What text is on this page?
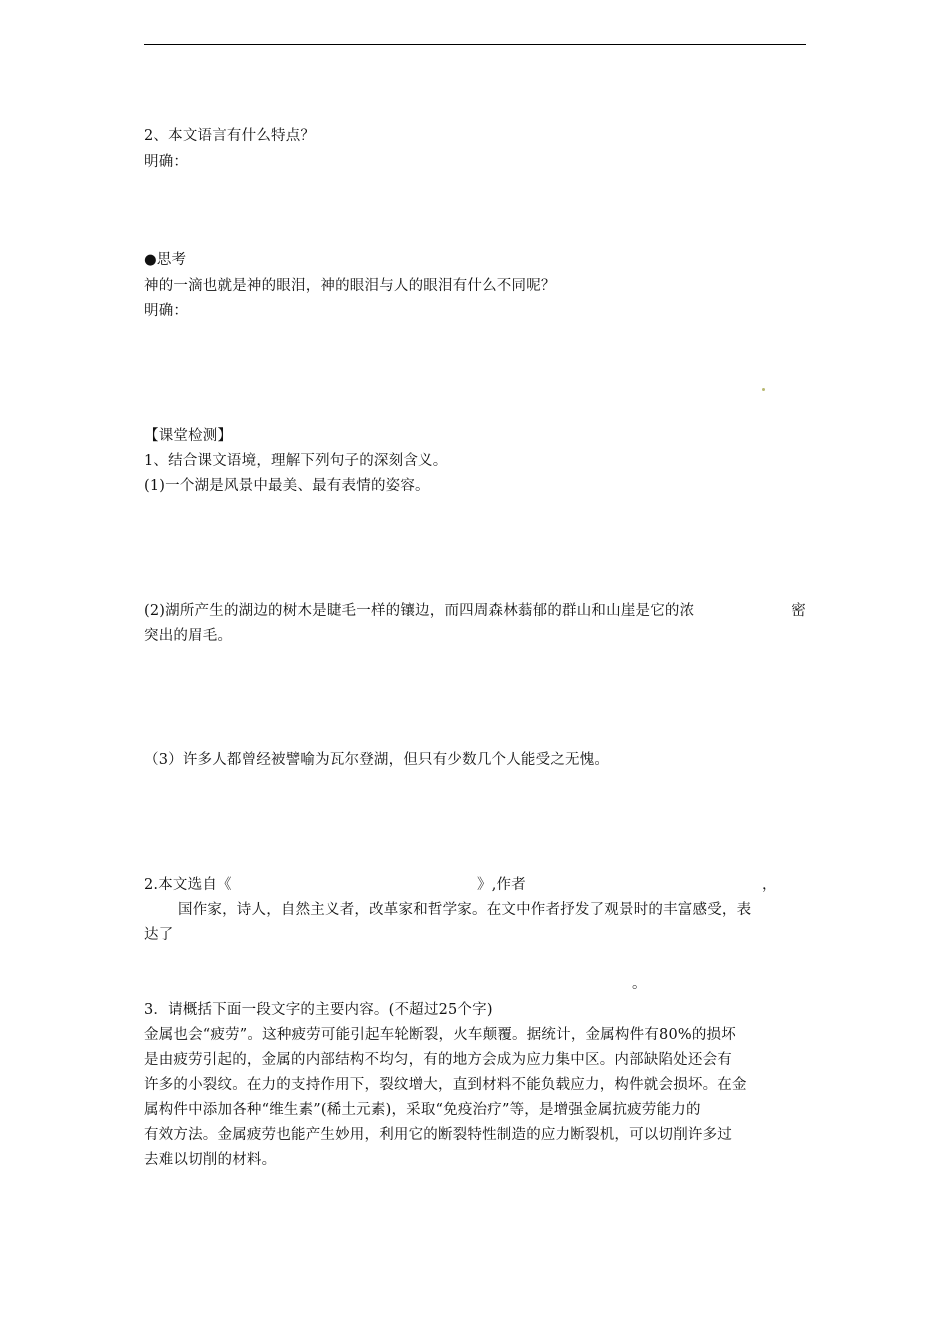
2、本文语言有什么特点？
明确：
●思考
神的一滴也就是神的眼泪，神的眼泪与人的眼泪有什么不同呢？
明确：
【课堂检测】
1、结合课文语境，理解下列句子的深刻含义。
(1)一个湖是风景中最美、最有表情的姿容。
(2)湖所产生的湖边的树木是睫毛一样的镶边，而四周森林蓊郁的群山和山崖是它的浓	密
突出的眉毛。
（3）许多人都曾经被譬喻为瓦尔登湖，但只有少数几个人能受之无愧。
2.本文选自《	》,作者	，
国作家，诗人，自然主义者，改革家和哲学家。在文中作者抒发了观景时的丰富感受，表
达了
。
3．请概括下面一段文字的主要内容。(不超过25个字)
金属也会“疲劳”。这种疲劳可能引起车轮断裂，火车颠覆。据统计，金属构件有80%的损坏
是由疲劳引起的，金属的内部结构不均匀，有的地方会成为应力集中区。内部缺陷处还会有
许多的小裂纹。在力的支持作用下，裂纹增大，直到材料不能负载应力，构件就会损坏。在金
属构件中添加各种“维生素”(稀土元素)，采取“免疫治疗”等，是增强金属抗疲劳能力的
有效方法。金属疲劳也能产生妙用，利用它的断裂特性制造的应力断裂机，可以切削许多过
去难以切削的材料。
